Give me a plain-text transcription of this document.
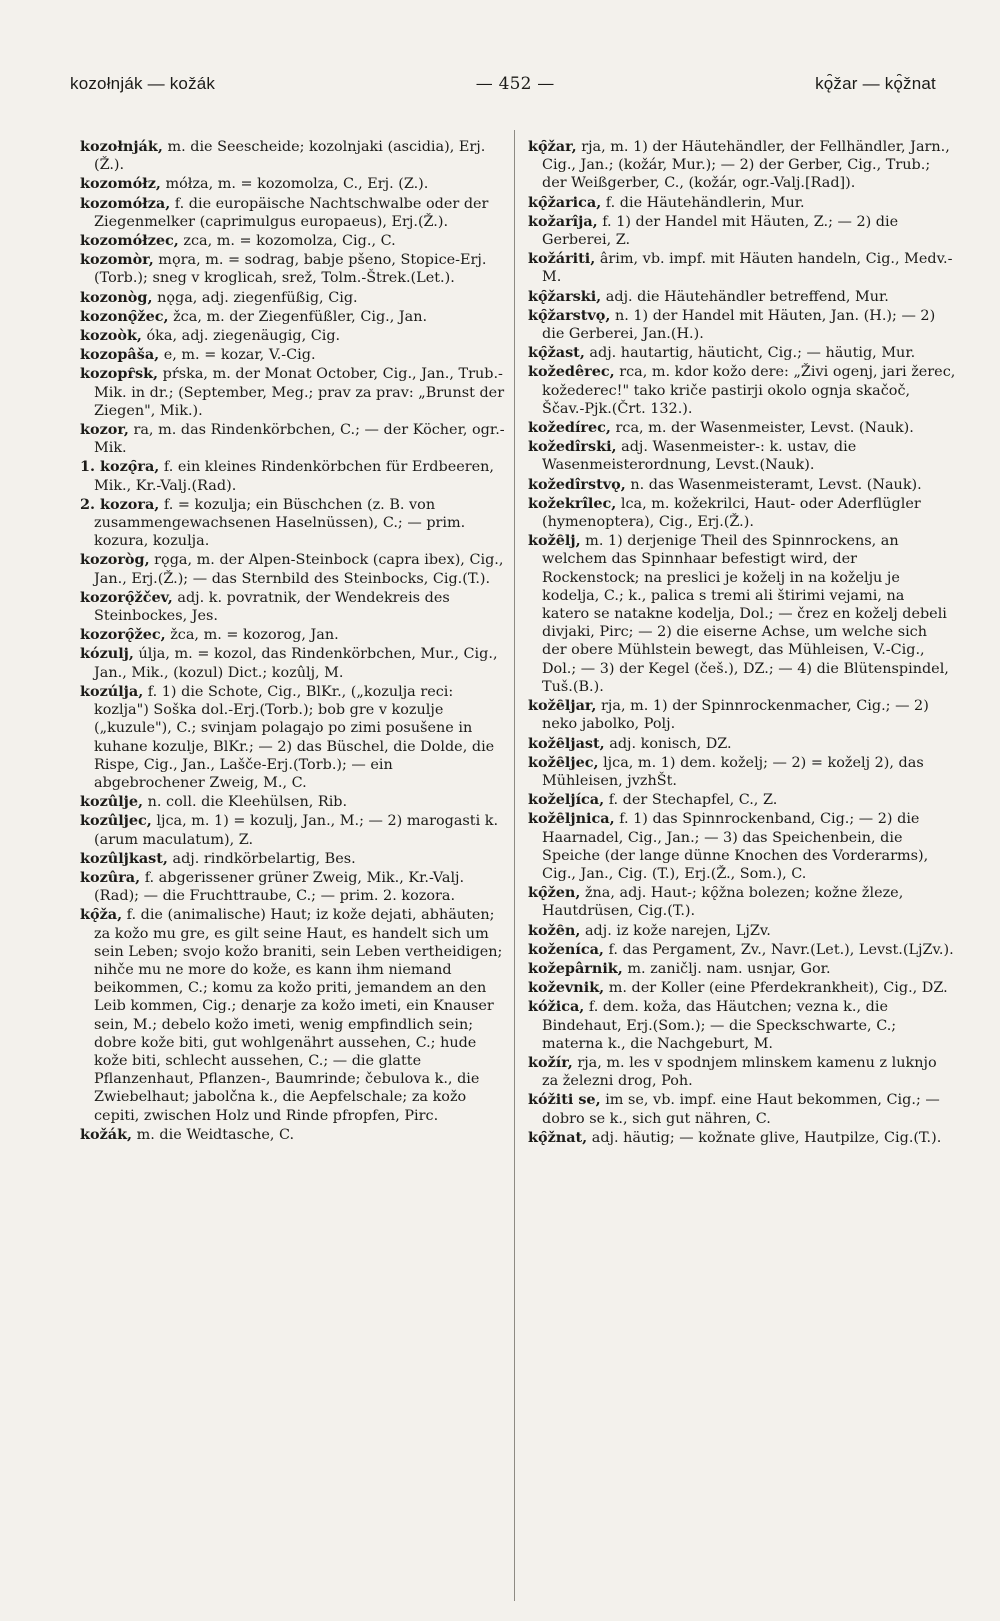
kozołnják — kožák	— 452 —	kǫ̑žar — kǫ̑žnat
kozołnják, m. die Seescheide; kozolnjaki (ascidia), Erj.(Ž.).
kozomółz, mółza, m. = kozomolza, C., Erj. (Z.).
kozomółza, f. die europäische Nachtschwalbe oder der Ziegenmelker (caprimulgus europaeus), Erj.(Ž.).
kozomółzec, zca, m. = kozomolza, Cig., C.
kozomòr, mǫra, m. = sodrag, babje pšeno, Stopice-Erj.(Torb.); sneg v kroglicah, srež, Tolm.-Štrek.(Let.).
kozonòg, nǫga, adj. ziegenfüßig, Cig.
kozonǫ̑žec, žca, m. der Ziegenfüßler, Cig., Jan.
kozoòk, óka, adj. ziegenäugig, Cig.
kozopâša, e, m. = kozar, V.-Cig.
kozopȓsk, pŕska, m. der Monat October, Cig., Jan., Trub.-Mik. in dr.; (September, Meg.; prav za prav: „Brunst der Ziegen", Mik.).
kozor, ra, m. das Rindenkörbchen, C.; — der Köcher, ogr.-Mik.
1. kozǫ̑ra, f. ein kleines Rindenkörbchen für Erdbeeren, Mik., Kr.-Valj.(Rad).
2. kozora, f. = kozulja; ein Büschchen (z. B. von zusammengewachsenen Haselnüssen), C.; — prim. kozura, kozulja.
kozoròg, rǫga, m. der Alpen-Steinbock (capra ibex), Cig., Jan., Erj.(Ž.); — das Sternbild des Steinbocks, Cig.(T.).
kozorǫ̑žčev, adj. k. povratnik, der Wendekreis des Steinbockes, Jes.
kozorǫ̑žec, žca, m. = kozorog, Jan.
kózulj, úlja, m. = kozol, das Rindenkörbchen, Mur., Cig., Jan., Mik., (kozul) Dict.; kozûlj, M.
kozúlja, f. 1) die Schote, Cig., BlKr., („kozulja reci: kozlja") Soška dol.-Erj.(Torb.); bob gre v kozulje („kuzule"), C.; svinjam polagajo po zimi posušene in kuhane kozulje, BlKr.; — 2) das Büschel, die Dolde, die Rispe, Cig., Jan., Lašče-Erj.(Torb.); — ein abgebrochener Zweig, M., C.
kozûlje, n. coll. die Kleehülsen, Rib.
kozûljec, ljca, m. 1) = kozulj, Jan., M.; — 2) marogasti k. (arum maculatum), Z.
kozûljkast, adj. rindkörbelartig, Bes.
kozûra, f. abgerissener grüner Zweig, Mik., Kr.-Valj.(Rad); — die Fruchttraube, C.; — prim. 2. kozora.
kǫ̑ža, f. die (animalische) Haut; iz kože dejati, abhäuten; za kožo mu gre, es gilt seine Haut, es handelt sich um sein Leben; svojo kožo braniti, sein Leben vertheidigen; nihče mu ne more do kože, es kann ihm niemand beikommen, C.; komu za kožo priti, jemandem an den Leib kommen, Cig.; denarje za kožo imeti, ein Knauser sein, M.; debelo kožo imeti, wenig empfindlich sein; dobre kože biti, gut wohlgenährt aussehen, C.; hude kože biti, schlecht aussehen, C.; — die glatte Pflanzenhaut, Pflanzen-, Baumrinde; čebulova k., die Zwiebelhaut; jabolčna k., die Aepfelschale; za kožo cepiti, zwischen Holz und Rinde pfropfen, Pirc.
kožák, m. die Weidtasche, C.
kǫ̑žar, rja, m. 1) der Häutehändler, der Fellhändler, Jarn., Cig., Jan.; (kožár, Mur.); — 2) der Gerber, Cig., Trub.; der Weißgerber, C., (kožár, ogr.-Valj.[Rad]).
kǫ̑žarica, f. die Häutehändlerin, Mur.
kožarîja, f. 1) der Handel mit Häuten, Z.; — 2) die Gerberei, Z.
kožáriti, ârim, vb. impf. mit Häuten handeln, Cig., Medv.-M.
kǫ̑žarski, adj. die Häutehändler betreffend, Mur.
kǫ̑žarstvǫ, n. 1) der Handel mit Häuten, Jan. (H.); — 2) die Gerberei, Jan.(H.).
kǫ̑žast, adj. hautartig, häuticht, Cig.; — häutig, Mur.
kožedêrec, rca, m. kdor kožo dere: „Živi ogenj, jari žerec, kožederec!" tako kriče pastirji okolo ognja skačoč, Ščav.-Pjk.(Črt. 132.).
kožedírec, rca, m. der Wasenmeister, Levst. (Nauk).
kožedîrski, adj. Wasenmeister-: k. ustav, die Wasenmeisterordnung, Levst.(Nauk).
kožedîrstvǫ, n. das Wasenmeisteramt, Levst. (Nauk).
kožekrîlec, lca, m. kožekrilci, Haut- oder Aderflügler (hymenoptera), Cig., Erj.(Ž.).
kožȇlj, m. 1) derjenige Theil des Spinnrockens, an welchem das Spinnhaar befestigt wird, der Rockenstock; na preslici je koželj in na koželju je kodelja, C.; k., palica s tremi ali štirimi vejami, na katero se natakne kodelja, Dol.; — črez en koželj debeli divjaki, Pirc; — 2) die eiserne Achse, um welche sich der obere Mühlstein bewegt, das Mühleisen, V.-Cig., Dol.; — 3) der Kegel (češ.), DZ.; — 4) die Blütenspindel, Tuš.(B.).
kožȇljar, rja, m. 1) der Spinnrockenmacher, Cig.; — 2) neko jabolko, Polj.
kožȇljast, adj. konisch, DZ.
kožȇljec, ljca, m. 1) dem. koželj; — 2) = koželj 2), das Mühleisen, jvzhŠt.
koželjíca, f. der Stechapfel, C., Z.
kožȇljnica, f. 1) das Spinnrockenband, Cig.; — 2) die Haarnadel, Cig., Jan.; — 3) das Speichenbein, die Speiche (der lange dünne Knochen des Vorderarms), Cig., Jan., Cig. (T.), Erj.(Ž., Som.), C.
kǫ̑žen, žna, adj. Haut-; kǫ̑žna bolezen; kožne žleze, Hautdrüsen, Cig.(T.).
kožȇn, adj. iz kože narejen, LjZv.
koženíca, f. das Pergament, Zv., Navr.(Let.), Levst.(LjZv.).
kožepârnik, m. zaničlj. nam. usnjar, Gor.
koževnik, m. der Koller (eine Pferdekrankheit), Cig., DZ.
kóžica, f. dem. koža, das Häutchen; vezna k., die Bindehaut, Erj.(Som.); — die Speckschwarte, C.; materna k., die Nachgeburt, M.
kožír, rja, m. les v spodnjem mlinskem kamenu z luknjo za železni drog, Poh.
kóžiti se, im se, vb. impf. eine Haut bekommen, Cig.; — dobro se k., sich gut nähren, C.
kǫ̑žnat, adj. häutig; — kožnate glive, Hautpilze, Cig.(T.).
